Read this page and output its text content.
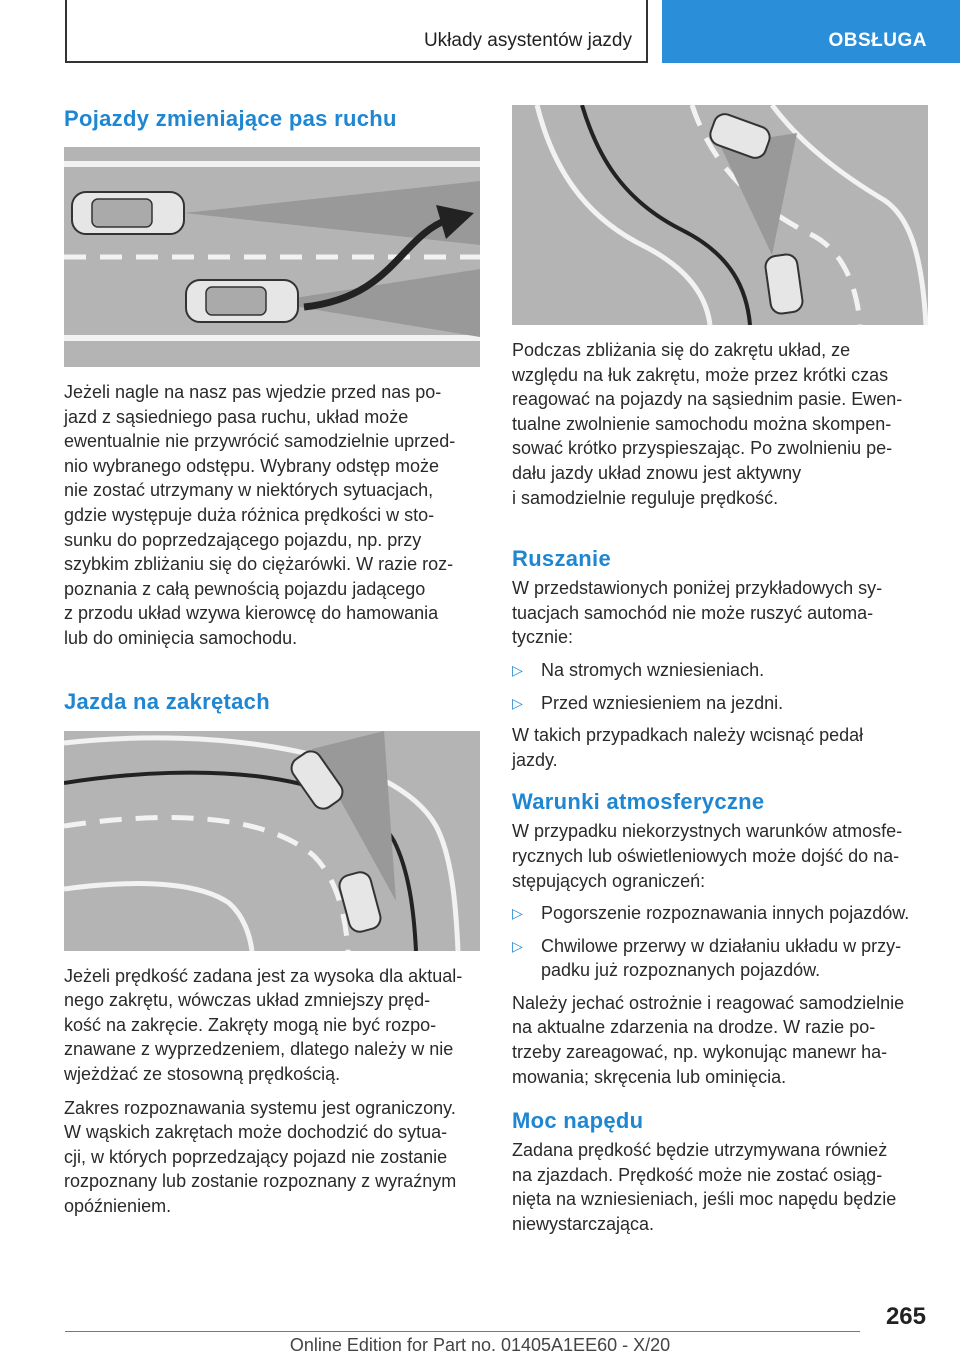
Układy asystentów jazdy	OBSŁUGA
Pojazdy zmieniające pas ruchu

Jeżeli nagle na nasz pas wjedzie przed nas po-
jazd z sąsiedniego pasa ruchu, układ może
ewentualnie nie przywrócić samodzielnie uprzed-
nio wybranego odstępu. Wybrany odstęp może
nie zostać utrzymany w niektórych sytuacjach,
gdzie występuje duża różnica prędkości w sto-
sunku do poprzedzającego pojazdu, np. przy
szybkim zbliżaniu się do ciężarówki. W razie roz-
poznania z całą pewnością pojazdu jadącego
z przodu układ wzywa kierowcę do hamowania
lub do ominięcia samochodu.

Jazda na zakrętach

Jeżeli prędkość zadana jest za wysoka dla aktual-
nego zakrętu, wówczas układ zmniejszy pręd-
kość na zakręcie. Zakręty mogą nie być rozpo-
znawane z wyprzedzeniem, dlatego należy w nie
wjeżdżać ze stosowną prędkością.

Zakres rozpoznawania systemu jest ograniczony.
W wąskich zakrętach może dochodzić do sytua-
cji, w których poprzedzający pojazd nie zostanie
rozpoznany lub zostanie rozpoznany z wyraźnym
opóźnieniem.

Podczas zbliżania się do zakrętu układ, ze
względu na łuk zakrętu, może przez krótki czas
reagować na pojazdy na sąsiednim pasie. Ewen-
tualne zwolnienie samochodu można skompen-
sować krótko przyspieszając. Po zwolnieniu pe-
dału jazdy układ znowu jest aktywny
i samodzielnie reguluje prędkość.

Ruszanie

W przedstawionych poniżej przykładowych sy-
tuacjach samochód nie może ruszyć automa-
tycznie:

▷ Na stromych wzniesieniach.
▷ Przed wzniesieniem na jezdni.

W takich przypadkach należy wcisnąć pedał
jazdy.

Warunki atmosferyczne

W przypadku niekorzystnych warunków atmosfe-
rycznych lub oświetleniowych może dojść do na-
stępujących ograniczeń:

▷ Pogorszenie rozpoznawania innych pojazdów.
▷ Chwilowe przerwy w działaniu układu w przy-
padku już rozpoznanych pojazdów.

Należy jechać ostrożnie i reagować samodzielnie
na aktualne zdarzenia na drodze. W razie po-
trzeby zareagować, np. wykonując manewr ha-
mowania; skręcenia lub ominięcia.

Moc napędu

Zadana prędkość będzie utrzymywana również
na zjazdach. Prędkość może nie zostać osiąg-
nięta na wzniesieniach, jeśli moc napędu będzie
niewystarczająca.

265
Online Edition for Part no. 01405A1EE60 - X/20
